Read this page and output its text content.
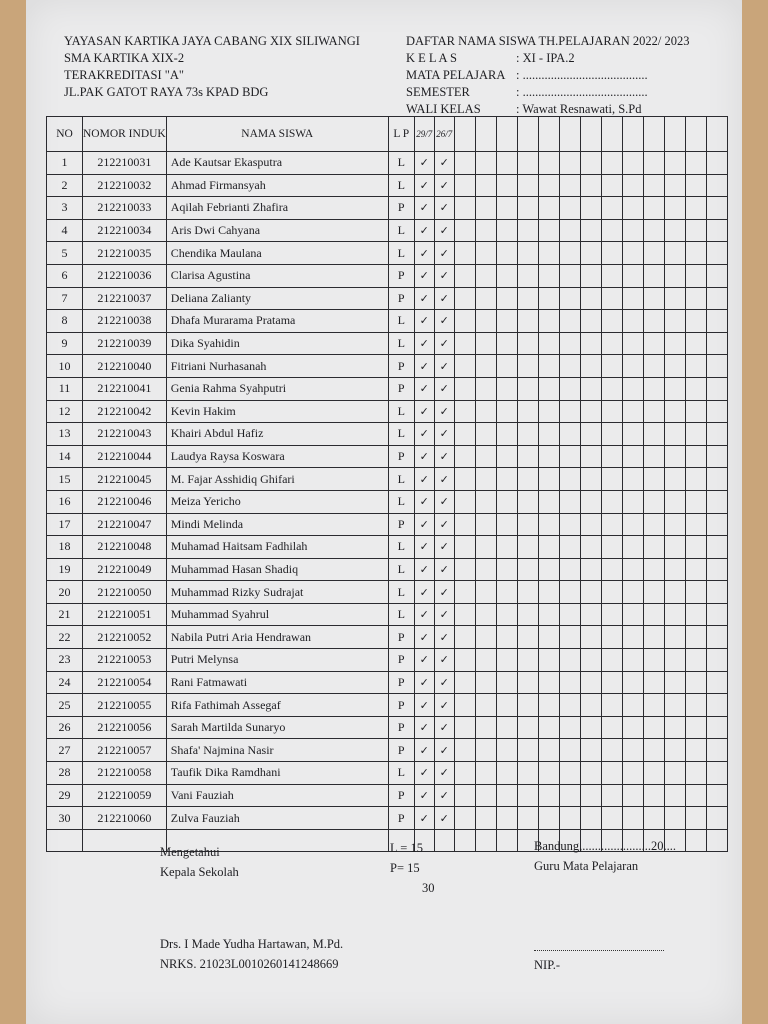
YAYASAN KARTIKA JAYA CABANG XIX SILIWANGI
SMA KARTIKA XIX-2
TERAKREDITASI "A"
JL.PAK GATOT RAYA 73s KPAD BDG
DAFTAR NAMA SISWA TH.PELAJARAN 2022/ 2023
K E L A S	: XI - IPA.2
MATA PELAJARA : ........................................
SEMESTER	: ........................................
WALI KELAS	: Wawat Resnawati, S.Pd
NO	NOMOR INDUK	NAMA SISWA	L P	29/7	26/7													
1	212210031	Ade Kautsar Ekasputra	L	✓	✓													
2	212210032	Ahmad Firmansyah	L	✓	✓													
3	212210033	Aqilah Febrianti Zhafira	P	✓	✓													
4	212210034	Aris Dwi Cahyana	L	✓	✓													
5	212210035	Chendika Maulana	L	✓	✓													
6	212210036	Clarisa Agustina	P	✓	✓													
7	212210037	Deliana Zalianty	P	✓	✓													
8	212210038	Dhafa Murarama Pratama	L	✓	✓													
9	212210039	Dika Syahidin	L	✓	✓													
10	212210040	Fitriani Nurhasanah	P	✓	✓													
11	212210041	Genia Rahma Syahputri	P	✓	✓													
12	212210042	Kevin Hakim	L	✓	✓													
13	212210043	Khairi Abdul Hafiz	L	✓	✓													
14	212210044	Laudya Raysa Koswara	P	✓	✓													
15	212210045	M. Fajar Asshidiq Ghifari	L	✓	✓													
16	212210046	Meiza Yericho	L	✓	✓													
17	212210047	Mindi Melinda	P	✓	✓													
18	212210048	Muhamad Haitsam Fadhilah	L	✓	✓													
19	212210049	Muhammad Hasan Shadiq	L	✓	✓													
20	212210050	Muhammad Rizky Sudrajat	L	✓	✓													
21	212210051	Muhammad Syahrul	L	✓	✓													
22	212210052	Nabila Putri Aria Hendrawan	P	✓	✓													
23	212210053	Putri Melynsa	P	✓	✓													
24	212210054	Rani Fatmawati	P	✓	✓													
25	212210055	Rifa Fathimah Assegaf	P	✓	✓													
26	212210056	Sarah Martilda Sunaryo	P	✓	✓													
27	212210057	Shafa' Najmina Nasir	P	✓	✓													
28	212210058	Taufik Dika Ramdhani	L	✓	✓													
29	212210059	Vani Fauziah	P	✓	✓													
30	212210060	Zulva Fauziah	P	✓	✓													

Mengetahui
Kepala Sekolah
L = 15
P= 15
30
Bandung,......................20....
Guru Mata Pelajaran
Drs. I Made Yudha Hartawan, M.Pd.
NRKS. 21023L0010260141248669
	NIP.-
